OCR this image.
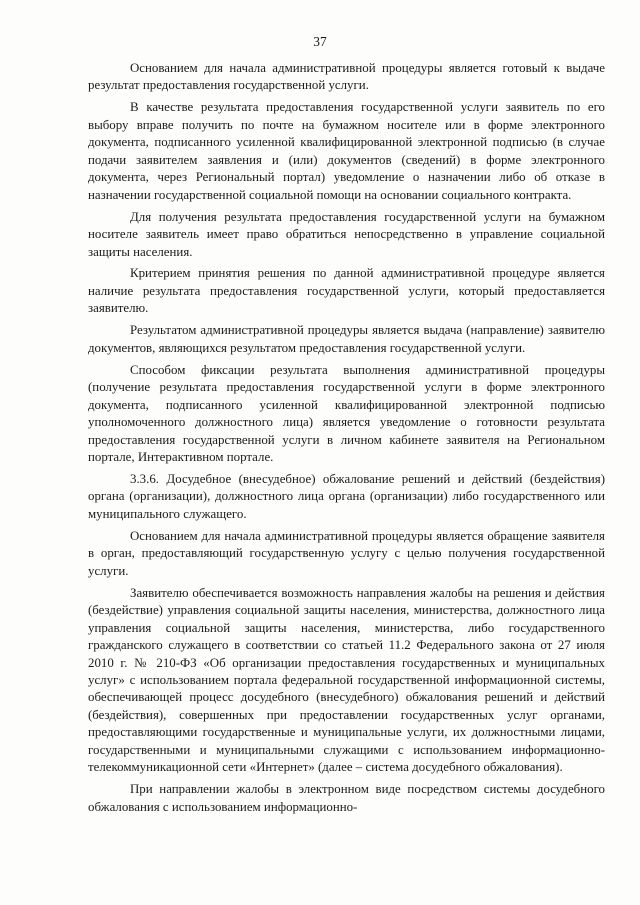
37

Основанием для начала административной процедуры является готовый к выдаче результат предоставления государственной услуги.

В качестве результата предоставления государственной услуги заявитель по его выбору вправе получить по почте на бумажном носителе или в форме электронного документа, подписанного усиленной квалифицированной электронной подписью (в случае подачи заявителем заявления и (или) документов (сведений) в форме электронного документа, через Региональный портал) уведомление о назначении либо об отказе в назначении государственной социальной помощи на основании социального контракта.

Для получения результата предоставления государственной услуги на бумажном носителе заявитель имеет право обратиться непосредственно в управление социальной защиты населения.

Критерием принятия решения по данной административной процедуре является наличие результата предоставления государственной услуги, который предоставляется заявителю.

Результатом административной процедуры является выдача (направление) заявителю документов, являющихся результатом предоставления государственной услуги.

Способом фиксации результата выполнения административной процедуры (получение результата предоставления государственной услуги в форме электронного документа, подписанного усиленной квалифицированной электронной подписью уполномоченного должностного лица) является уведомление о готовности результата предоставления государственной услуги в личном кабинете заявителя на Региональном портале, Интерактивном портале.

3.3.6. Досудебное (внесудебное) обжалование решений и действий (бездействия) органа (организации), должностного лица органа (организации) либо государственного или муниципального служащего.

Основанием для начала административной процедуры является обращение заявителя в орган, предоставляющий государственную услугу с целью получения государственной услуги.

Заявителю обеспечивается возможность направления жалобы на решения и действия (бездействие) управления социальной защиты населения, министерства, должностного лица управления социальной защиты населения, министерства, либо государственного гражданского служащего в соответствии со статьей 11.2 Федерального закона от 27 июля 2010 г. № 210-ФЗ «Об организации предоставления государственных и муниципальных услуг» с использованием портала федеральной государственной информационной системы, обеспечивающей процесс досудебного (внесудебного) обжалования решений и действий (бездействия), совершенных при предоставлении государственных услуг органами, предоставляющими государственные и муниципальные услуги, их должностными лицами, государственными и муниципальными служащими с использованием информационно-телекоммуникационной сети «Интернет» (далее – система досудебного обжалования).

При направлении жалобы в электронном виде посредством системы досудебного обжалования с использованием информационно-
